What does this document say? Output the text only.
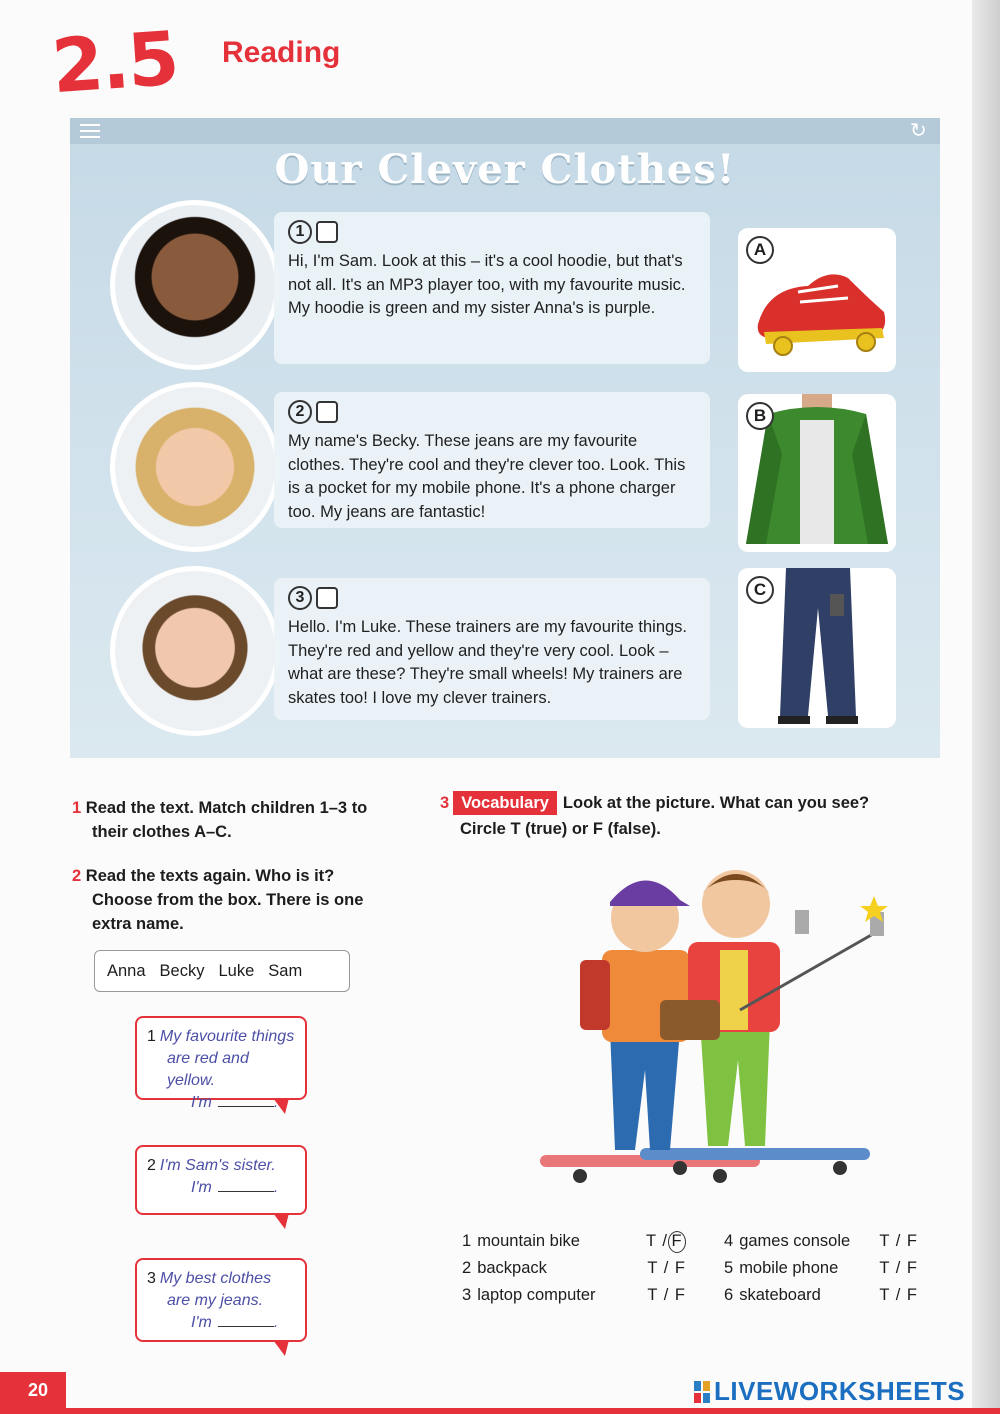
2.5 Reading
↻
Our Clever Clothes!
1

Hi, I'm Sam. Look at this – it's a cool hoodie, but that's not all. It's an MP3 player too, with my favourite music. My hoodie is green and my sister Anna's is purple.

2

My name's Becky. These jeans are my favourite clothes. They're cool and they're clever too. Look. This is a pocket for my mobile phone. It's a phone charger too. My jeans are fantastic!

3

Hello. I'm Luke. These trainers are my favourite things. They're red and yellow and they're very cool. Look – what are these? They're small wheels! My trainers are skates too! I love my clever trainers.

A
B
C
1 Read the text. Match children 1–3 to

their clothes A–C.
2 Read the texts again. Who is it?

Choose from the box. There is one
extra name.
Anna Becky Luke Sam
1 My favourite things
are red and yellow.
I'm	.
2 I'm Sam's sister.
I'm	.
3 My best clothes
are my jeans.
I'm	.
3 Vocabulary Look at the picture. What can you see?

Circle T (true) or F (false).
1 mountain bike	T / F
2 backpack	T / F
3 laptop computer	T / F
4 games console T / F
5 mobile phone T / F
6 skateboard	T / F
20	LIVEWORKSHEETS
